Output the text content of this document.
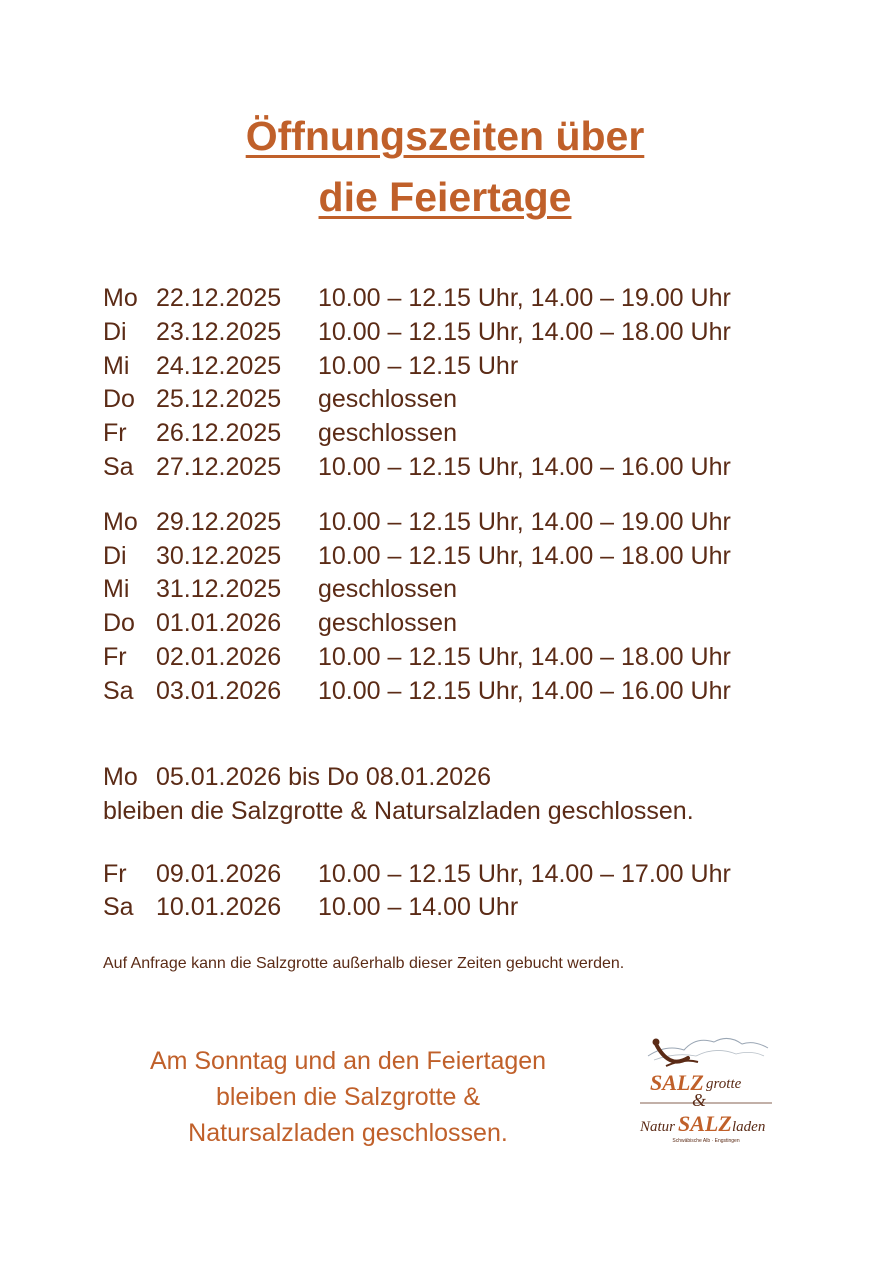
Öffnungszeiten über
die Feiertage
Mo 22.12.2025 10.00 – 12.15 Uhr, 14.00 – 19.00 Uhr
Di 23.12.2025 10.00 – 12.15 Uhr, 14.00 – 18.00 Uhr
Mi 24.12.2025 10.00 – 12.15 Uhr
Do 25.12.2025 geschlossen
Fr 26.12.2025 geschlossen
Sa 27.12.2025 10.00 – 12.15 Uhr, 14.00 – 16.00 Uhr
Mo 29.12.2025 10.00 – 12.15 Uhr, 14.00 – 19.00 Uhr
Di 30.12.2025 10.00 – 12.15 Uhr, 14.00 – 18.00 Uhr
Mi 31.12.2025 geschlossen
Do 01.01.2026 geschlossen
Fr 02.01.2026 10.00 – 12.15 Uhr, 14.00 – 18.00 Uhr
Sa 03.01.2026 10.00 – 12.15 Uhr, 14.00 – 16.00 Uhr
Mo 05.01.2026 bis Do 08.01.2026
bleiben die Salzgrotte & Natursalzladen geschlossen.
Fr 09.01.2026 10.00 – 12.15 Uhr, 14.00 – 17.00 Uhr
Sa 10.01.2026 10.00 – 14.00 Uhr
Auf Anfrage kann die Salzgrotte außerhalb dieser Zeiten gebucht werden.
Am Sonntag und an den Feiertagen
bleiben die Salzgrotte &
Natursalzladen geschlossen.
SALZ grotte
&
Natur SALZ laden
Schwäbische Alb · Engstingen
